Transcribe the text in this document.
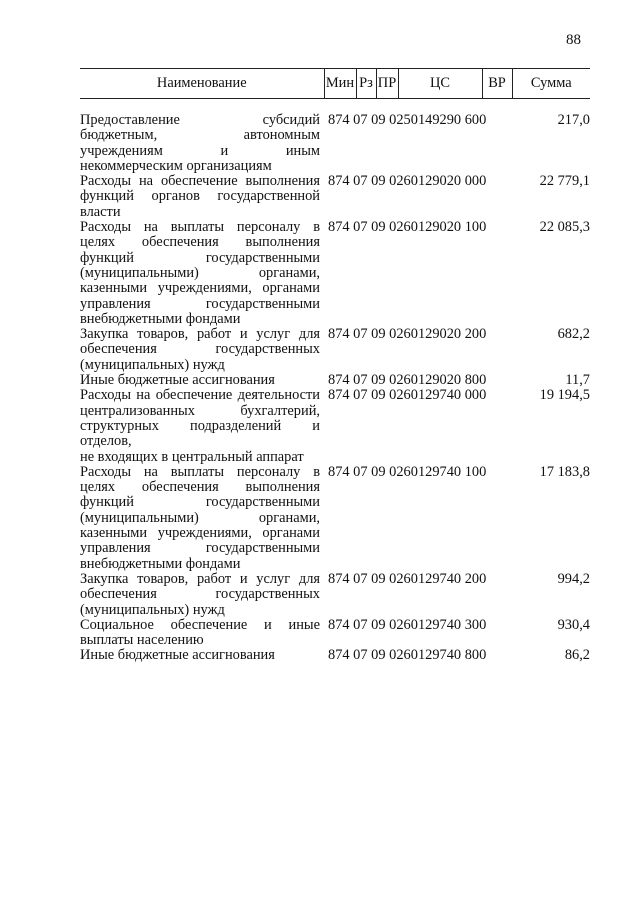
88
Наименование	Мин	Рз	ПР	ЦС	ВР	Сумма

Предоставление субсидий бюджетным, автономным учреждениям и иным
некоммерческим организациям	874 07 09 0250149290 600					217,0
Расходы на обеспечение выполнения функций органов государственной
власти	874 07 09 0260129020 000					22 779,1
Расходы на выплаты персоналу в целях обеспечения выполнения функций государственными (муниципальными) органами, казенными учреждениями, органами управления государственными
внебюджетными фондами	874 07 09 0260129020 100					22 085,3
Закупка товаров, работ и услуг для обеспечения государственных
(муниципальных) нужд	874 07 09 0260129020 200					682,2

Иные бюджетные ассигнования	874 07 09 0260129020 800					11,7
Расходы на обеспечение деятельности централизованных бухгалтерий, структурных подразделений и отделов,
не входящих в центральный аппарат	874 07 09 0260129740 000					19 194,5
Расходы на выплаты персоналу в целях обеспечения выполнения функций государственными (муниципальными) органами, казенными учреждениями, органами управления государственными
внебюджетными фондами	874 07 09 0260129740 100					17 183,8
Закупка товаров, работ и услуг для обеспечения государственных
(муниципальных) нужд	874 07 09 0260129740 200					994,2
Социальное обеспечение и иные
выплаты населению	874 07 09 0260129740 300					930,4

Иные бюджетные ассигнования	874 07 09 0260129740 800					86,2
